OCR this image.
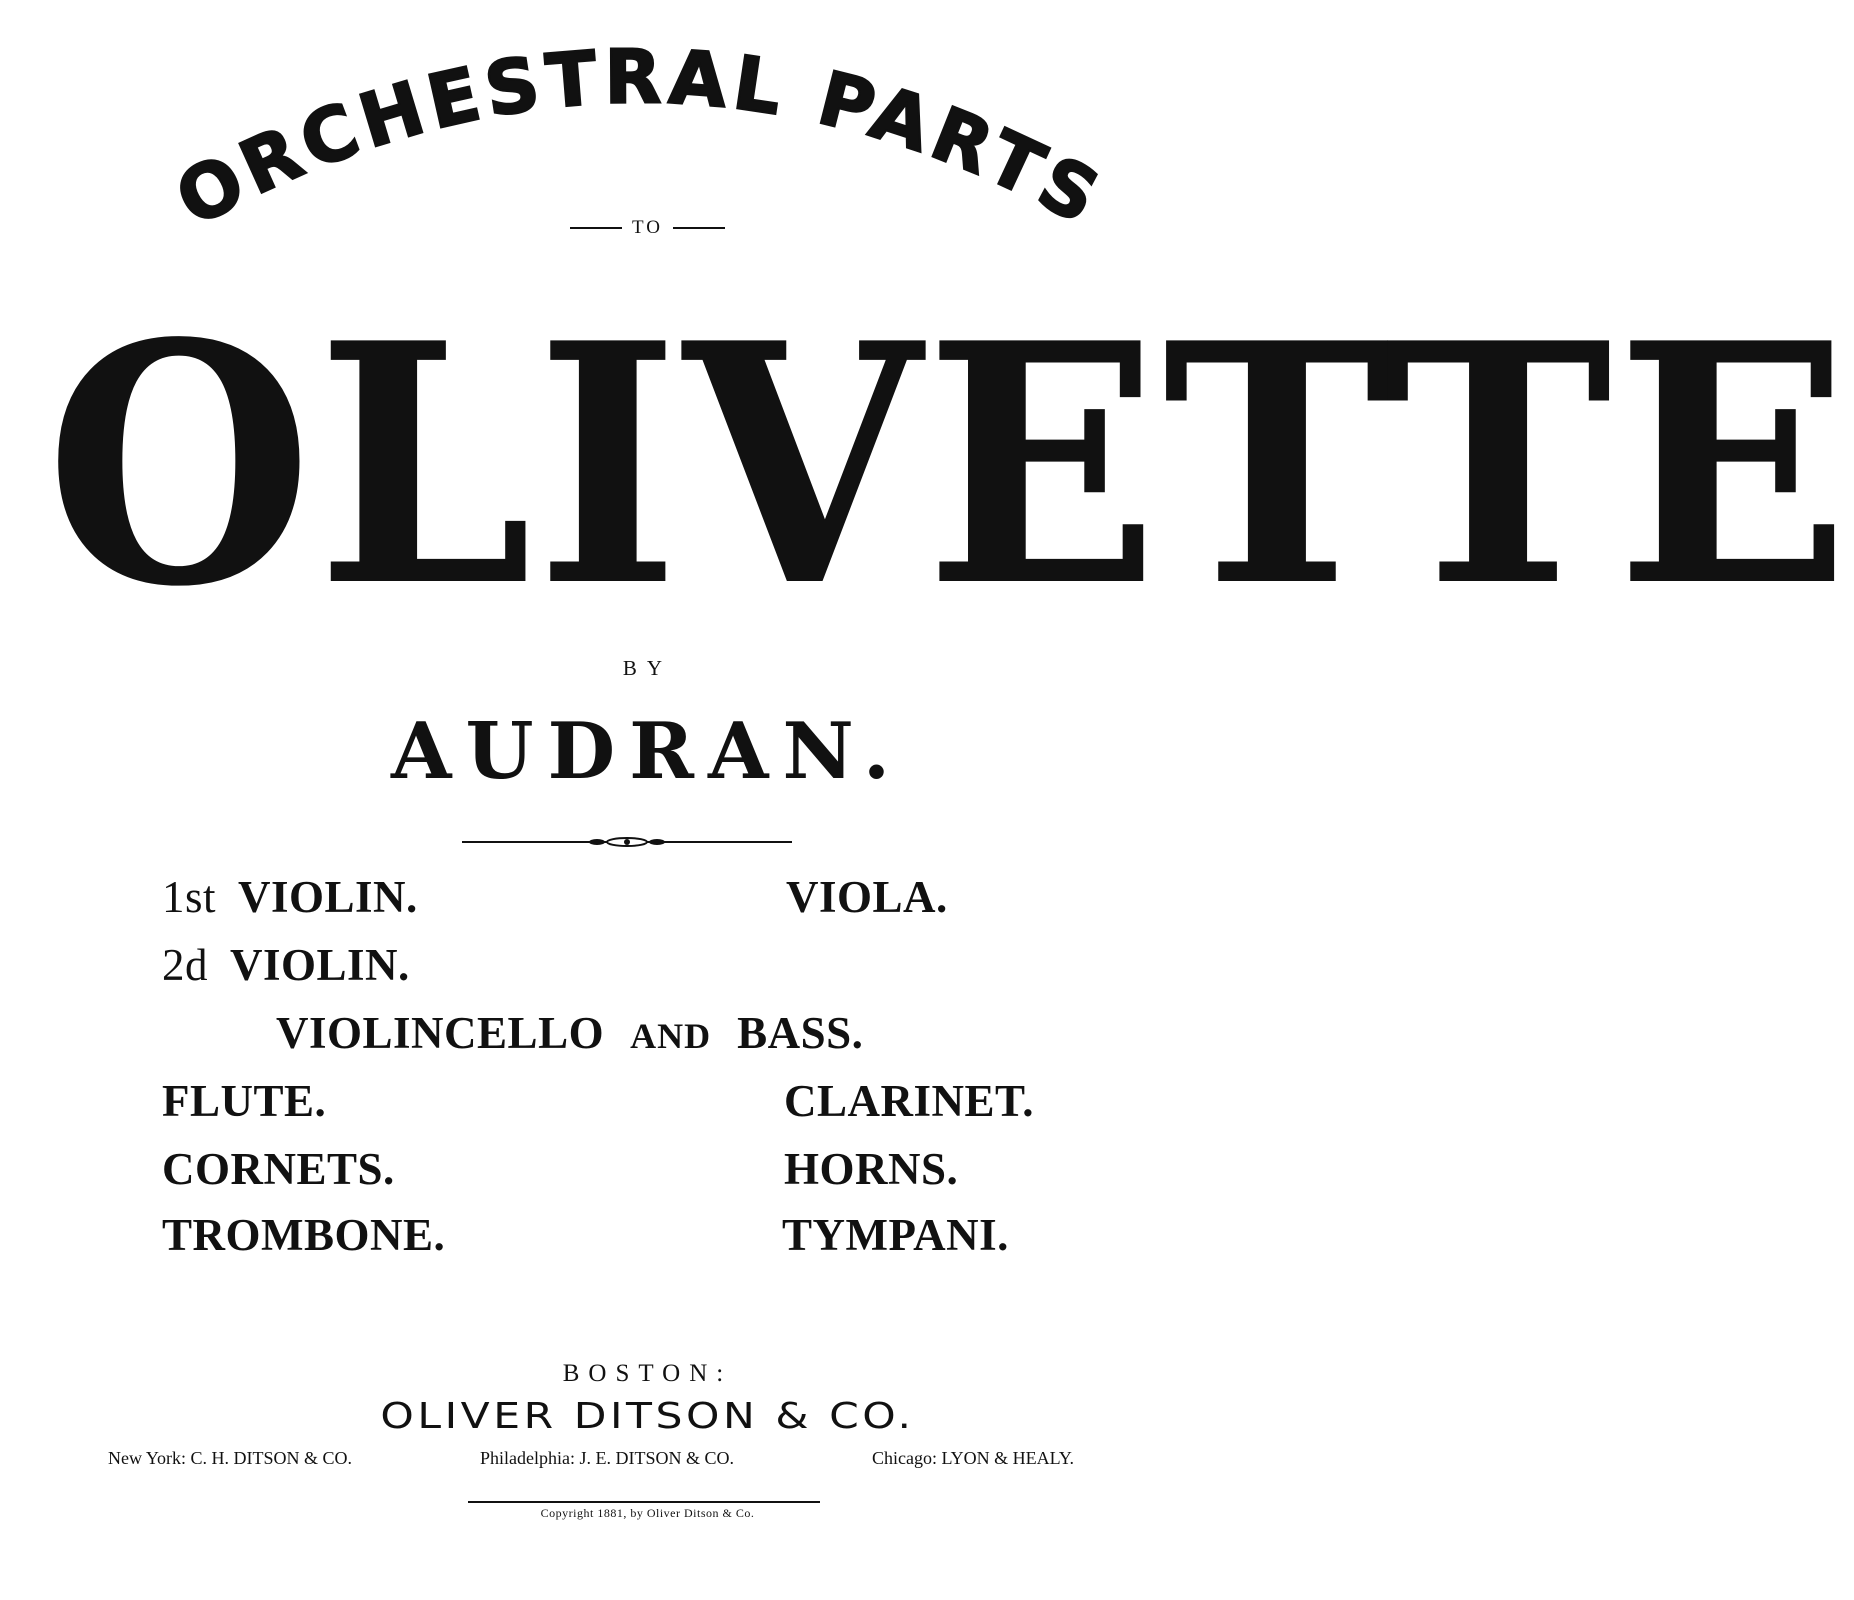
ORCHESTRAL PARTS
TO
OLIVETTE
BY
AUDRAN.
1st VIOLIN.	VIOLA.
2d VIOLIN.
VIOLINCELLO AND BASS.
FLUTE.	CLARINET.
CORNETS.	HORNS.
TROMBONE.	TYMPANI.
BOSTON:
OLIVER DITSON & CO.
New York: C. H. DITSON & CO.	Philadelphia: J. E. DITSON & CO.	Chicago: LYON & HEALY.
Copyright 1881, by Oliver Ditson & Co.
